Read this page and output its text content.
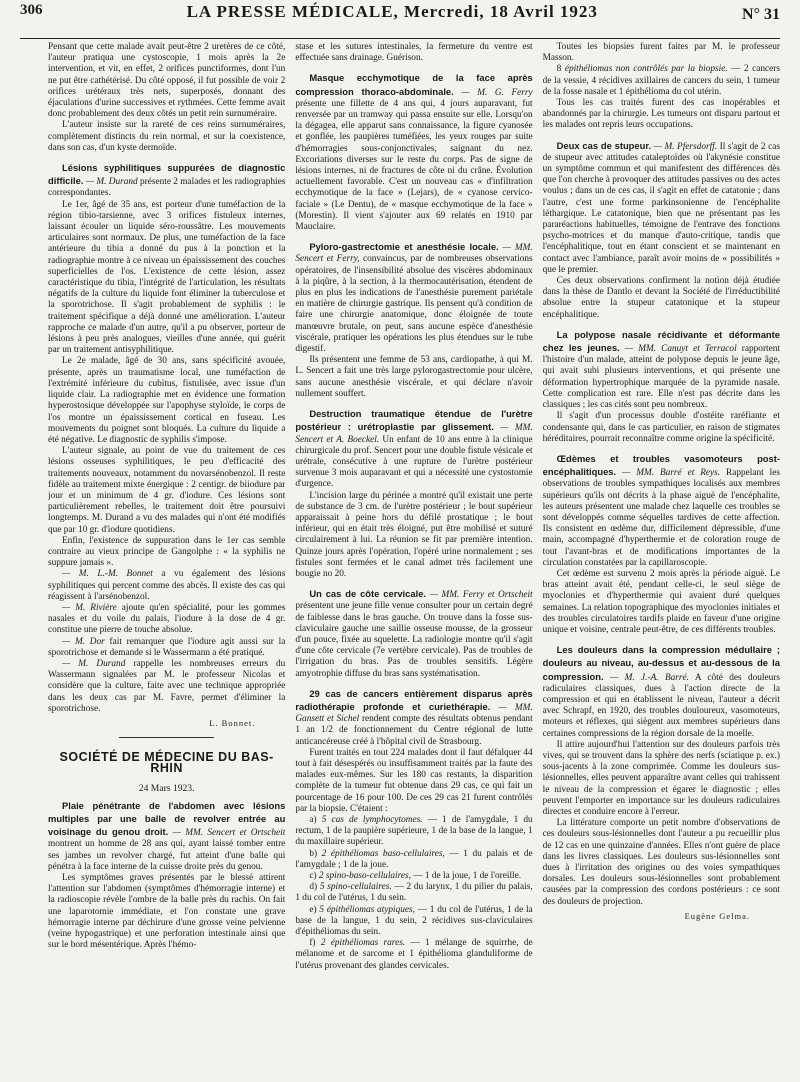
306	LA PRESSE MÉDICALE, Mercredi, 18 Avril 1923	N° 31

Pensant que cette malade avait peut-être 2 uretères de ce côté, l'auteur pratiqua une cystoscopie, 1 mois après la 2e intervention, et vit, en effet, 2 orifices punctiformes, dont l'un ne put être cathétérisé. Du côté opposé, il fut possible de voir 2 orifices urétéraux très nets, superposés, donnant des éjaculations d'urine successives et rythmées. Cette femme avait donc probablement des deux côtés un petit rein surnuméraire.

L'auteur insiste sur la rareté de ces reins surnuméraires, complètement distincts du rein normal, et sur la coexistence, dans son cas, d'un kyste dermoïde.

Lésions syphilitiques suppurées de diagnostic difficile. — M. Durand présente 2 malades et les radiographies correspondantes.

Le 1er, âgé de 35 ans, est porteur d'une tuméfaction de la région tibio-tarsienne, avec 3 orifices fistuleux internes, laissant écouler un liquide séro-roussâtre. Les mouvements articulaires sont normaux. De plus, une tuméfaction de la face antérieure du tibia a donné du pus à la ponction et la radiographie montre à ce niveau un épaississement des couches superficielles de l'os. L'existence de cette lésion, assez caractéristique du tibia, l'intégrité de l'articulation, les résultats négatifs de la culture du liquide font éliminer la tuberculose et la sporotrichose. Il s'agit probablement de syphilis : le traitement spécifique a déjà donné une amélioration. L'auteur rapproche ce malade d'un autre, qu'il a pu observer, porteur de lésions à peu près analogues, vieilles d'une année, qui guérit par un traitement antisyphilitique.

Le 2e malade, âgé de 30 ans, sans spécificité avouée, présente, après un traumatisme local, une tuméfaction de l'extrémité inférieure du cubitus, fistulisée, avec issue d'un liquide clair. La radiographie met en évidence une formation hyperostosique développée sur l'apophyse styloïde, le corps de l'os montre un épaississement cortical en fuseau. Les mouvements du poignet sont bloqués. La culture du liquide a été négative. Le diagnostic de syphilis s'impose.

L'auteur signale, au point de vue du traitement de ces lésions osseuses syphilitiques, le peu d'efficacité des traitements nouveaux, notamment du novarsénobenzol. Il reste fidèle au traitement mixte énergique : 2 centigr. de biiodure par jour et un minimum de 4 gr. d'iodure. Ces lésions sont particulièrement rebelles, le traitement doit être poursuivi longtemps. M. Durand a vu des malades qui n'ont été modifiés que par 10 gr. d'iodure quotidiens.

Enfin, l'existence de suppuration dans le 1er cas semble contraire au vieux principe de Gangolphe : « la syphilis ne suppure jamais ».

— M. L.-M. Bonnet a vu également des lésions syphilitiques qui percent comme des abcès. Il existe des cas qui réagissent à l'arsénobenzol.

— M. Rivière ajoute qu'en spécialité, pour les gommes nasales et du voile du palais, l'iodure à la dose de 4 gr. constitue une pierre de touche absolue.

— M. Dor fait remarquer que l'iodure agit aussi sur la sporotrichose et demande si le Wassermann a été pratiqué.

— M. Durand rappelle les nombreuses erreurs du Wassermann signalées par M. le professeur Nicolas et considère que la culture, faite avec une technique appropriée dans les deux cas par M. Favre, permet d'éliminer la sporotrichose.

L. Bonnet.
SOCIÉTÉ DE MÉDECINE DU BAS-RHIN
24 Mars 1923.

Plaie pénétrante de l'abdomen avec lésions multiples par une balle de revolver entrée au voisinage du genou droit. — MM. Sencert et Ortscheit montrent un homme de 28 ans qui, ayant laissé tomber entre ses jambes un revolver chargé, fut atteint d'une balle qui pénétra à la face interne de la cuisse droite près du genou.

Les symptômes graves présentés par le blessé attirent l'attention sur l'abdomen (symptômes d'hémorragie interne) et la radioscopie révèle l'ombre de la balle près du rachis. On fait une laparotomie immédiate, et l'on constate une grave hémorragie interne par déchirure d'une grosse veine pelvienne (veine hypogastrique) et une perforation intestinale ainsi que sur le bord mésentérique. Après l'hémo-

stase et les sutures intestinales, la fermeture du ventre est effectuée sans drainage. Guérison.

Masque ecchymotique de la face après compression thoraco-abdominale. — M. G. Ferry présente une fillette de 4 ans qui, 4 jours auparavant, fut renversée par un tramway qui passa ensuite sur elle. Lorsqu'on la dégagea, elle apparut sans connaissance, la figure cyanosée et gonflée, les paupières tuméfiées, les yeux rouges par suite d'hémorragies sous-conjonctivales, saignant du nez. Excoriations diverses sur le reste du corps. Pas de signe de lésions internes, ni de fractures de côte ni du crâne. Évolution actuellement favorable. C'est un nouveau cas « d'infiltration ecchymotique de la face » (Lejars), de « cyanose cervico-faciale » (Le Dentu), de « masque ecchymotique de la face » (Morestin). Il vient s'ajouter aux 69 relatés en 1910 par Mauclaire.

Pyloro-gastrectomie et anesthésie locale. — MM. Sencert et Ferry, convaincus, par de nombreuses observations opératoires, de l'insensibilité absolue des viscères abdominaux à la piqûre, à la section, à la thermocautérisation, étendent de plus en plus les indications de l'anesthésie purement pariétale en matière de chirurgie gastrique. Ils pensent qu'à condition de faire une chirurgie anatomique, donc éloignée de toute manœuvre brutale, on peut, sans aucune espèce d'anesthésie viscérale, pratiquer les opérations les plus étendues sur le tube digestif.

Ils présentent une femme de 53 ans, cardiopathe, à qui M. L. Sencert a fait une très large pylorogastrectomie pour ulcère, sans aucune anesthésie viscérale, et qui déclare n'avoir nullement souffert.

Destruction traumatique étendue de l'urètre postérieur : urétroplastie par glissement. — MM. Sencert et A. Boeckel. Un enfant de 10 ans entre à la clinique chirurgicale du prof. Sencert pour une double fistule vésicale et urétrale, consécutive à une rupture de l'urètre postérieur survenue 3 mois auparavant et qui a nécessité une cystostomie d'urgence.

L'incision large du périnée a montré qu'il existait une perte de substance de 3 cm. de l'urètre postérieur ; le bout supérieur apparaissait à peine hors du défilé prostatique ; le bout inférieur, qui en était très éloigné, put être mobilisé et suturé circulairement à lui. La réunion se fit par première intention. Quinze jours après l'opération, l'opéré urine normalement ; ses fistules sont fermées et le canal admet très facilement une bougie no 20.

Un cas de côte cervicale. — MM. Ferry et Ortscheit présentent une jeune fille venue consulter pour un certain degré de faiblesse dans le bras gauche. On trouve dans la fosse sus-claviculaire gauche une saillie osseuse mousse, de la grosseur d'un pouce, fixée au squelette. La radiologie montre qu'il s'agit d'une côte cervicale (7e vertèbre cervicale). Pas de troubles de l'irrigation du bras. Pas de troubles sensitifs. Légère amyotrophie diffuse du bras sans systématisation.

29 cas de cancers entièrement disparus après radiothérapie profonde et curiethérapie. — MM. Gansett et Sichel rendent compte des résultats obtenus pendant 1 an 1/2 de fonctionnement du Centre régional de lutte anticancéreuse créé à l'hôpital civil de Strasbourg.

Furent traités en tout 224 malades dont il faut défalquer 44 tout à fait désespérés ou insuffisamment traités par la faute des malades eux-mêmes. Sur les 180 cas restants, la disparition complète de la tumeur fut obtenue dans 29 cas, ce qui fait un pourcentage de 16 pour 100. De ces 29 cas 21 furent contrôlés par la biopsie. C'étaient :

a) 5 cas de lymphocytomes. — 1 de l'amygdale, 1 du rectum, 1 de la paupière supérieure, 1 de la base de la langue, 1 du maxillaire supérieur.

b) 2 épithéliomas baso-cellulaires, — 1 du palais et de l'amygdale ; 1 de la joue.

c) 2 spino-baso-cellulaires, — 1 de la joue, 1 de l'oreille.

d) 5 spino-cellulaires. — 2 du larynx, 1 du pilier du palais, 1 du col de l'utérus, 1 du sein.

e) 5 épithéliomas atypiques, — 1 du col de l'utérus, 1 de la base de la langue, 1 du sein, 2 récidives sus-claviculaires d'épithéliomas du sein.

f) 2 épithéliomas rares. — 1 mélange de squirrhe, de mélanome et de sarcome et 1 épithélioma glanduliforme de l'utérus provenant des glandes cervicales.

Toutes les biopsies furent faites par M. le professeur Masson.

8 épithéliomas non contrôlés par la biopsie. — 2 cancers de la vessie, 4 récidives axillaires de cancers du sein, 1 tumeur de la fosse nasale et 1 épithélioma du col utérin.

Tous les cas traités furent des cas inopérables et abandonnés par la chirurgie. Les tumeurs ont disparu partout et les malades ont repris leurs occupations.

Deux cas de stupeur. — M. Pfersdorff. Il s'agit de 2 cas de stupeur avec attitudes cataleptoïdes où l'akynésie constitue un symptôme commun et qui manifestent des différences dès que l'on cherche à provoquer des attitudes passives ou des actes voulus ; dans un de ces cas, il s'agit en effet de catatonie ; dans l'autre, c'est une forme parkinsonienne de l'encéphalite léthargique. Le catatonique, bien que ne présentant pas les pararéactions habituelles, témoigne de l'entrave des fonctions psycho-motrices et du manque d'auto-critique, tandis que l'encéphalitique, tout en étant conscient et se maintenant en contact avec l'ambiance, paraît avoir moins de « possibilités » que le premier.

Ces deux observations confirment la notion déjà étudiée dans la thèse de Dantlo et devant la Société de l'irréductibilité absolue entre la stupeur catatonique et la stupeur encéphalitique.

La polypose nasale récidivante et déformante chez les jeunes. — MM. Canuyt et Terracol rapportent l'histoire d'un malade, atteint de polypose depuis le jeune âge, qui avait subi plusieurs interventions, et qui présente une déformation hypertrophique marquée de la pyramide nasale. Cette complication est rare. Elle n'est pas décrite dans les classiques ; les cas cités sont peu nombreux.

Il s'agit d'un processus double d'ostéite raréfiante et condensante qui, dans le cas particulier, en raison de stigmates héréditaires, pourrait reconnaître comme origine la spécificité.

Œdèmes et troubles vasomoteurs post-encéphalitiques. — MM. Barré et Reys. Rappelant les observations de troubles sympathiques localisés aux membres supérieurs qu'ils ont décrits à la phase aiguë de l'encéphalite, les auteurs présentent une malade chez laquelle ces troubles se sont développés comme séquelles tardives de cette affection. Ils consistent en œdème dur, difficilement dépressible, d'une main, accompagné d'hyperthermie et de coloration rouge de tout l'avant-bras et de modifications importantes de la circulation constatées par la capillaroscopie.

Cet œdème est survenu 2 mois après la période aiguë. Le bras atteint avait été, pendant celle-ci, le seul siège de myoclonies et d'hyperthermie qui avaient duré quelques semaines. La relation topographique des myoclonies initiales et des troubles circulatoires tardifs plaide en faveur d'une origine unique et voisine, centrale peut-être, de ces différents troubles.

Les douleurs dans la compression médullaire ; douleurs au niveau, au-dessus et au-dessous de la compression. — M. J.-A. Barré. A côté des douleurs radiculaires classiques, dues à l'action directe de la compression et qui en établissent le niveau, l'auteur a décrit avec Schrapf, en 1920, des troubles douloureux, vasomoteurs, moteurs et réflexes, qui siègent aux membres supérieurs dans certaines compressions de la région dorsale de la moelle.

Il attire aujourd'hui l'attention sur des douleurs parfois très vives, qui se trouvent dans la sphère des nerfs (sciatique p. ex.) sous-jacents à la zone comprimée. Comme les douleurs sus-lésionnelles, elles peuvent apparaître avant celles qui trahissent le niveau de la compression et égarer le diagnostic ; elles peuvent l'emporter en importance sur les douleurs radiculaires directes et conduire encore à l'erreur.

La littérature comporte un petit nombre d'observations de ces douleurs sous-lésionnelles dont l'auteur a pu recueillir plus de 12 cas en une quinzaine d'années. Elles n'ont guère de place dans les livres classiques. Les douleurs sus-lésionnelles sont dues à l'irritation des origines ou des voies sympathiques dorsales. Les douleurs sous-lésionnelles sont probablement causées par la compression des cordons postérieurs : ce sont des douleurs de projection.

Eugène Gelma.
